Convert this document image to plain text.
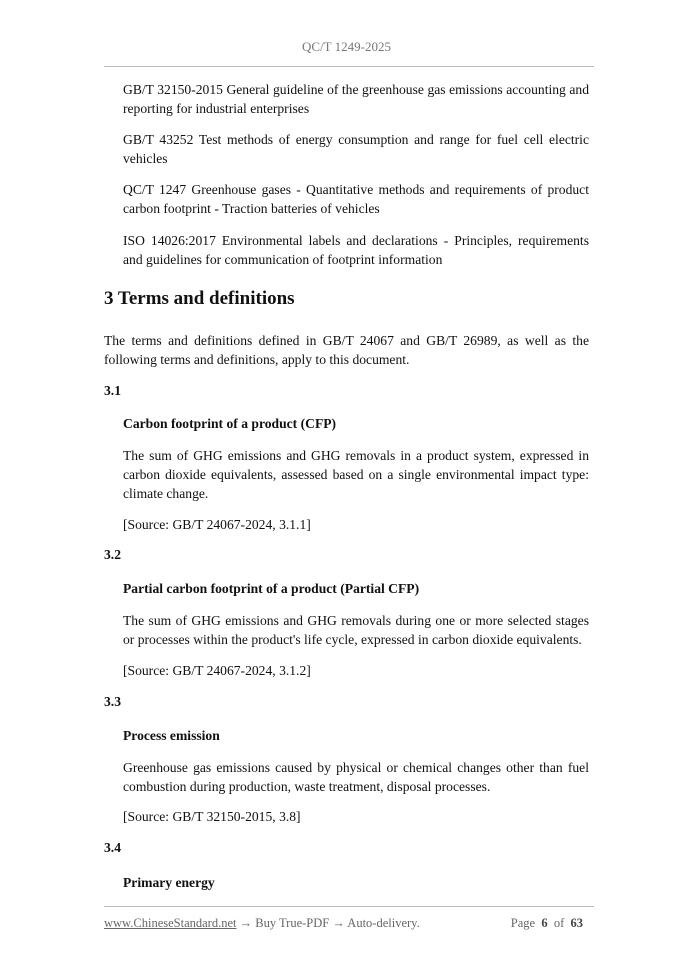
QC/T 1249-2025
GB/T 32150-2015 General guideline of the greenhouse gas emissions accounting and reporting for industrial enterprises
GB/T 43252 Test methods of energy consumption and range for fuel cell electric vehicles
QC/T 1247 Greenhouse gases - Quantitative methods and requirements of product carbon footprint - Traction batteries of vehicles
ISO 14026:2017 Environmental labels and declarations - Principles, requirements and guidelines for communication of footprint information
3 Terms and definitions
The terms and definitions defined in GB/T 24067 and GB/T 26989, as well as the following terms and definitions, apply to this document.
3.1
Carbon footprint of a product (CFP)
The sum of GHG emissions and GHG removals in a product system, expressed in carbon dioxide equivalents, assessed based on a single environmental impact type: climate change.
[Source: GB/T 24067-2024, 3.1.1]
3.2
Partial carbon footprint of a product (Partial CFP)
The sum of GHG emissions and GHG removals during one or more selected stages or processes within the product's life cycle, expressed in carbon dioxide equivalents.
[Source: GB/T 24067-2024, 3.1.2]
3.3
Process emission
Greenhouse gas emissions caused by physical or chemical changes other than fuel combustion during production, waste treatment, disposal processes.
[Source: GB/T 32150-2015, 3.8]
3.4
Primary energy
www.ChineseStandard.net → Buy True-PDF → Auto-delivery.	Page 6 of 63
